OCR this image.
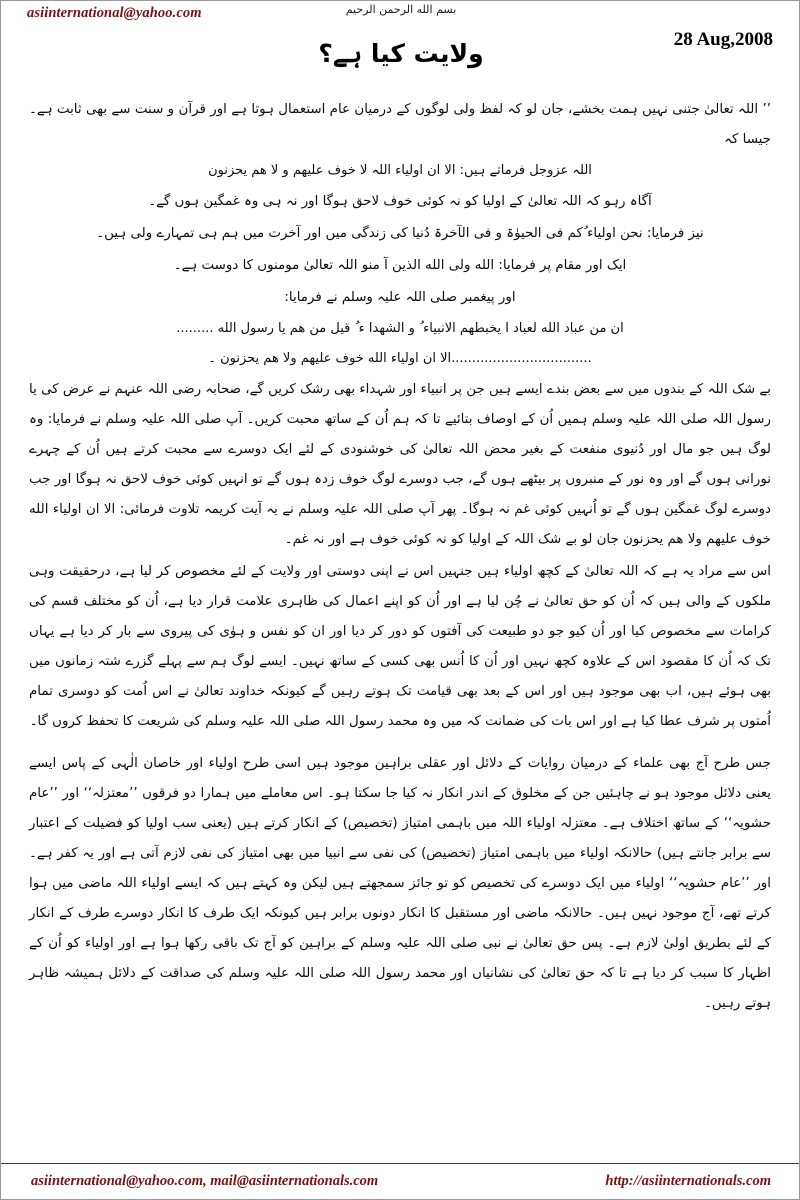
asiinternational@yahoo.com	بسم الله الرحمن الرحيم
28 Aug,2008
ولایت کیا ہے؟

’’ اللہ تعالیٰ جتنی نہیں ہمت بخشے، جان لو کہ لفظ ولی لوگوں کے درمیان عام استعمال ہوتا ہے اور قرآن و سنت سے بھی ثابت ہے۔ جیسا کہ

اللہ عزوجل فرماتے ہیں: الا ان اولیاء اللہ لا خوف علیهم و لا هم یحزنون

آگاہ رہو کہ اللہ تعالیٰ کے اولیا کو نہ کوئی خوف لاحق ہوگا اور نہ ہی وہ غمگین ہوں گے۔

نیز فرمایا: نحن اولیاء ُکم فی الحیوٰۃ و فی الآخرۃ دُنیا کی زندگی میں اور آخرت میں ہم ہی تمہارے ولی ہیں۔

ایک اور مقام پر فرمایا: الله ولی الله الذین آ منو اللہ تعالیٰ مومنوں کا دوست ہے۔

اور پیغمبر صلی اللہ علیہ وسلم نے فرمایا:

ان من عباد الله لعباد ا یخبطهم الانبیاء ُ و الشهدا ء ُ قیل من هم یا رسول الله .........

..................................الا ان اولیاء الله خوف علیهم ولا هم یحزنون ۔

بے شک اللہ کے بندوں میں سے بعض بندے ایسے ہیں جن پر انبیاء اور شہداء بھی رشک کریں گے، صحابہ رضی اللہ عنہم نے عرض کی یا رسول اللہ صلی اللہ علیہ وسلم ہمیں اُن کے اوصاف بتائیے تا کہ ہم اُن کے ساتھ محبت کریں۔ آپ صلی اللہ علیہ وسلم نے فرمایا: وہ لوگ ہیں جو مال اور دُنیوی منفعت کے بغیر محض اللہ تعالیٰ کی خوشنودی کے لئے ایک دوسرے سے محبت کرتے ہیں اُن کے چہرے نورانی ہوں گے اور وہ نور کے منبروں پر بیٹھے ہوں گے، جب دوسرے لوگ خوف زدہ ہوں گے تو انہیں کوئی خوف لاحق نہ ہوگا اور جب دوسرے لوگ غمگین ہوں گے تو اُنہیں کوئی غم نہ ہوگا۔ پھر آپ صلی اللہ علیہ وسلم نے یہ آیت کریمہ تلاوت فرمائی: الا ان اولیاء الله خوف علیهم ولا هم یحزنون جان لو بے شک اللہ کے اولیا کو نہ کوئی خوف ہے اور نہ غم۔

اس سے مراد یہ ہے کہ اللہ تعالیٰ کے کچھ اولیاء ہیں جنہیں اس نے اپنی دوستی اور ولایت کے لئے مخصوص کر لیا ہے، درحقیقت وہی ملکوں کے والی ہیں کہ اُن کو حق تعالیٰ نے چُن لیا ہے اور اُن کو اپنے اعمال کی ظاہری علامت قرار دیا ہے، اُن کو مختلف قسم کی کرامات سے مخصوص کیا اور اُن کیو جو دو طبیعت کی آفتوں کو دور کر دیا اور ان کو نفس و ہوٰی کی پیروی سے بار کر دیا ہے یہاں تک کہ اُن کا مقصود اس کے علاوہ کچھ نہیں اور اُن کا اُنس بھی کسی کے ساتھ نہیں۔ ایسے لوگ ہم سے پہلے گزرے شتہ زمانوں میں بھی ہوئے ہیں، اب بھی موجود ہیں اور اس کے بعد بھی قیامت تک ہوتے رہیں گے کیونکہ خداوند تعالیٰ نے اس اُمت کو دوسری تمام اُمتوں پر شرف عطا کیا ہے اور اس بات کی ضمانت کہ میں وہ محمد رسول اللہ صلی اللہ علیہ وسلم کی شریعت کا تحفظ کروں گا۔

جس طرح آج بھی علماء کے درمیان روایات کے دلائل اور عقلی براہین موجود ہیں اسی طرح اولیاء اور خاصان الٰہی کے پاس ایسے یعنی دلائل موجود ہو نے چاہئیں جن کے مخلوق کے اندر انکار نہ کیا جا سکتا ہو۔ اس معاملے میں ہمارا دو فرقوں ’’معتزلہ‘‘ اور ’’عام حشویہ‘‘ کے ساتھ اختلاف ہے۔ معتزلہ اولیاء اللہ میں باہمی امتیاز (تخصیص) کے انکار کرتے ہیں (یعنی سب اولیا کو فضیلت کے اعتبار سے برابر جانتے ہیں) حالانکہ اولیاء میں باہمی امتیاز (تخصیص) کی نفی سے انبیا میں بھی امتیاز کی نفی لازم آتی ہے اور یہ کفر ہے۔ اور ’’عام حشویہ‘‘ اولیاء میں ایک دوسرے کی تخصیص کو تو جائز سمجھتے ہیں لیکن وہ کہتے ہیں کہ ایسے اولیاء اللہ ماضی میں ہوا کرتے تھے، آج موجود نہیں ہیں۔ حالانکہ ماضی اور مستقبل کا انکار دونوں برابر ہیں کیونکہ ایک طرف کا انکار دوسرے طرف کے انکار کے لئے بطریق اولیٰ لازم ہے۔ پس حق تعالیٰ نے نبی صلی اللہ علیہ وسلم کے براہین کو آج تک باقی رکھا ہوا ہے اور اولیاء کو اُن کے اظہار کا سبب کر دیا ہے تا کہ حق تعالیٰ کی نشانیاں اور محمد رسول اللہ صلی اللہ علیہ وسلم کی صداقت کے دلائل ہمیشہ ظاہر ہوتے رہیں۔

asiinternational@yahoo.com, mail@asiinternationals.com	http://asiinternationals.com
